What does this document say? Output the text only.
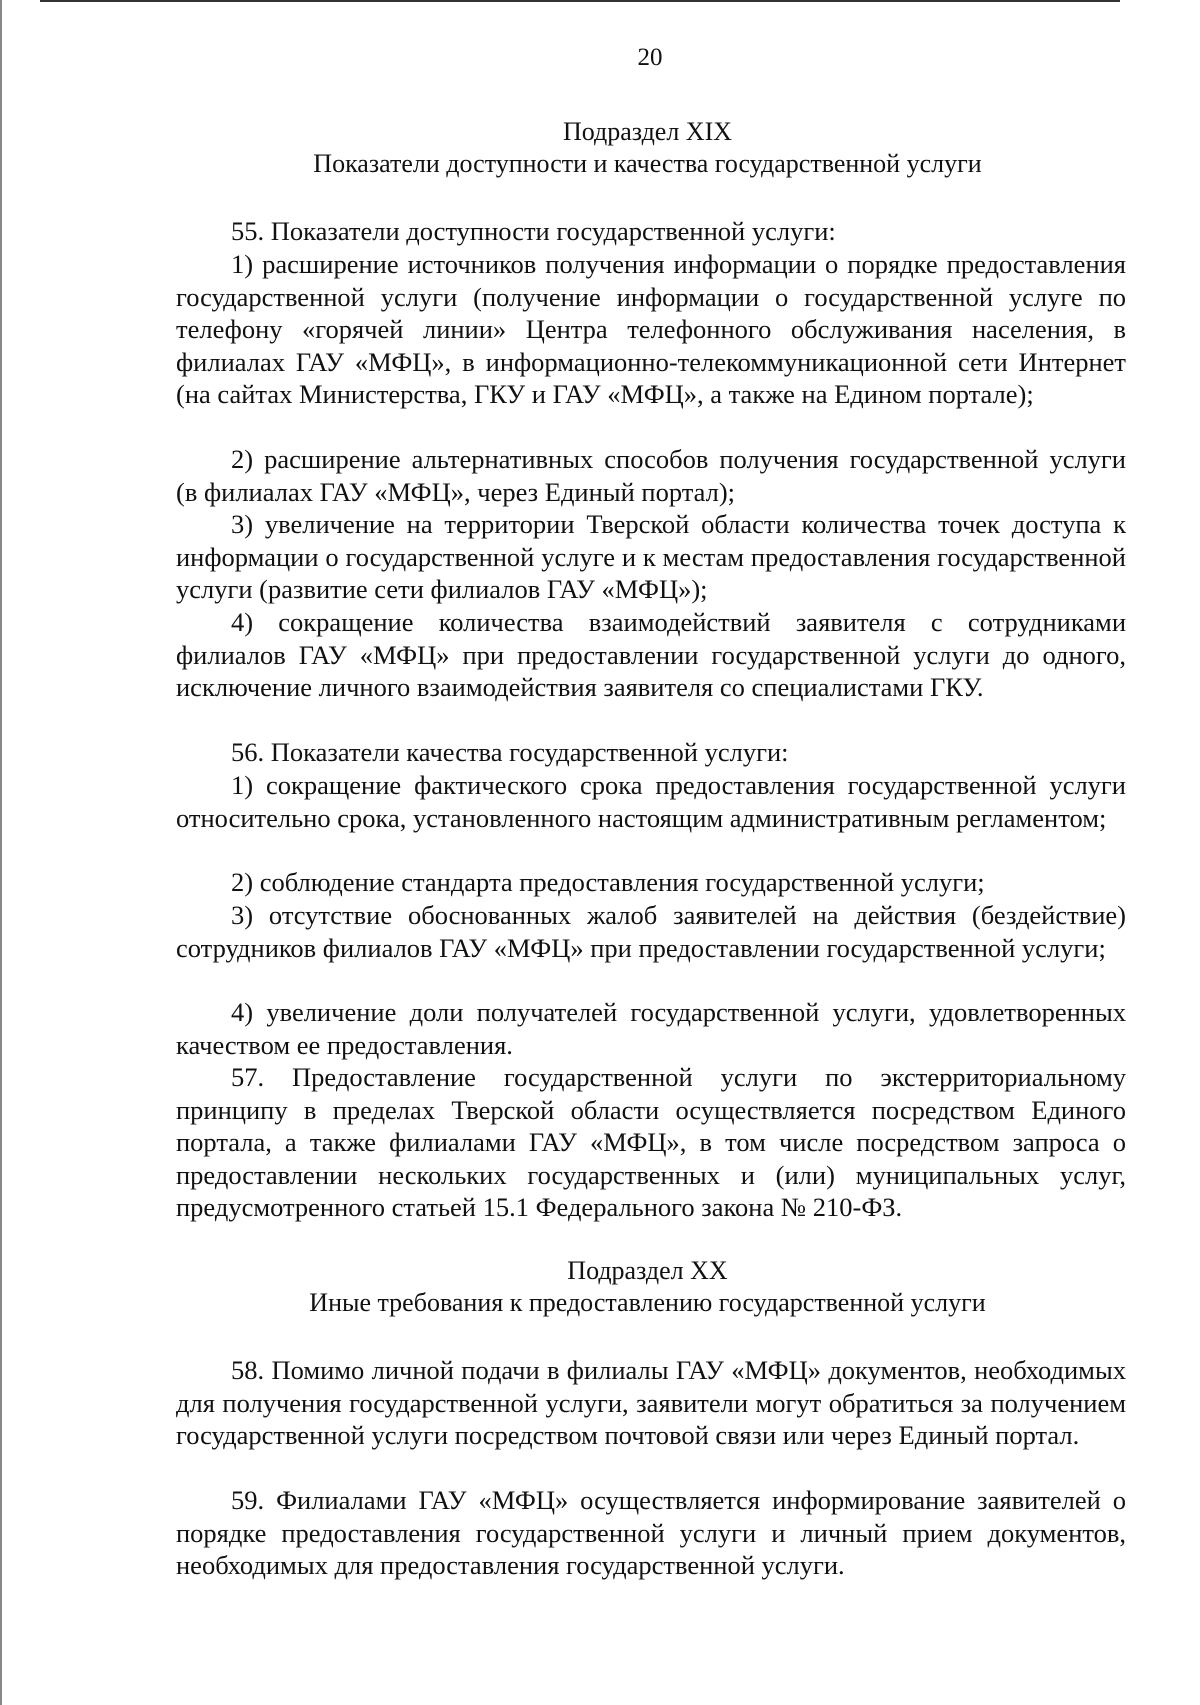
20
Подраздел XIX
Показатели доступности и качества государственной услуги

55. Показатели доступности государственной услуги:

1) расширение источников получения информации о порядке предоставления государственной услуги (получение информации о государственной услуге по телефону «горячей линии» Центра телефонного обслуживания населения, в филиалах ГАУ «МФЦ», в информационно-телекоммуникационной сети Интернет (на сайтах Министерства, ГКУ и ГАУ «МФЦ», а также на Едином портале);

2) расширение альтернативных способов получения государственной услуги (в филиалах ГАУ «МФЦ», через Единый портал);

3) увеличение на территории Тверской области количества точек доступа к информации о государственной услуге и к местам предоставления государственной услуги (развитие сети филиалов ГАУ «МФЦ»);

4) сокращение количества взаимодействий заявителя с сотрудниками филиалов ГАУ «МФЦ» при предоставлении государственной услуги до одного, исключение личного взаимодействия заявителя со специалистами ГКУ.

56. Показатели качества государственной услуги:

1) сокращение фактического срока предоставления государственной услуги относительно срока, установленного настоящим административным регламентом;

2) соблюдение стандарта предоставления государственной услуги;

3) отсутствие обоснованных жалоб заявителей на действия (бездействие) сотрудников филиалов ГАУ «МФЦ» при предоставлении государственной услуги;

4) увеличение доли получателей государственной услуги, удовлетворенных качеством ее предоставления.

57. Предоставление государственной услуги по экстерриториальному принципу в пределах Тверской области осуществляется посредством Единого портала, а также филиалами ГАУ «МФЦ», в том числе посредством запроса о предоставлении нескольких государственных и (или) муниципальных услуг, предусмотренного статьей 15.1 Федерального закона № 210-ФЗ.

Подраздел XX
Иные требования к предоставлению государственной услуги

58. Помимо личной подачи в филиалы ГАУ «МФЦ» документов, необходимых для получения государственной услуги, заявители могут обратиться за получением государственной услуги посредством почтовой связи или через Единый портал.

59. Филиалами ГАУ «МФЦ» осуществляется информирование заявителей о порядке предоставления государственной услуги и личный прием документов, необходимых для предоставления государственной услуги.
